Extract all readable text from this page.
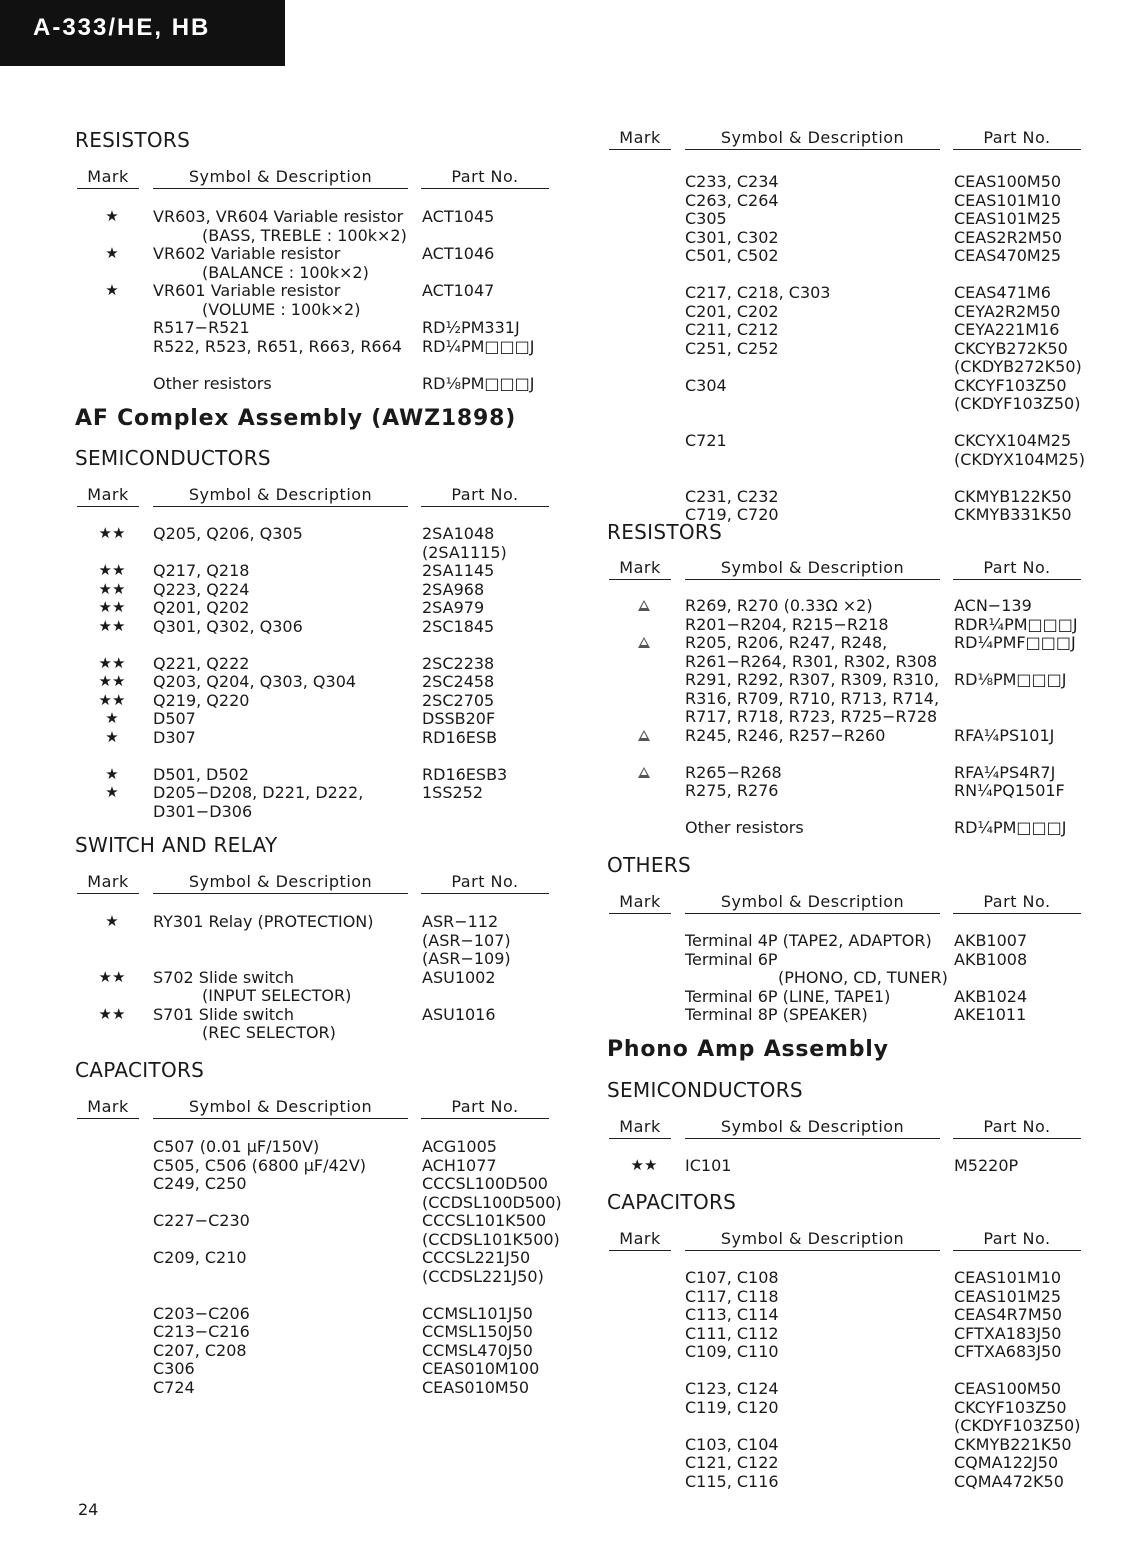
A-333/HE, HB
RESISTORS
Mark	Symbol & Description	Part No.
★	VR603, VR604 Variable resistor ACT1045
(BASS, TREBLE : 100k×2)
★	VR602 Variable resistor	ACT1046
(BALANCE : 100k×2)
★	VR601 Variable resistor	ACT1047
(VOLUME : 100k×2)
R517−R521	RD½PM331J
R522, R523, R651, R663, R664 RD¼PM□□□J
Other resistors	RD⅛PM□□□J
AF Complex Assembly (AWZ1898)
SEMICONDUCTORS
Mark	Symbol & Description	Part No.
★★	Q205, Q206, Q305	2SA1048
(2SA1115)
★★	Q217, Q218	2SA1145
★★	Q223, Q224	2SA968
★★	Q201, Q202	2SA979
★★	Q301, Q302, Q306	2SC1845
★★	Q221, Q222	2SC2238
★★	Q203, Q204, Q303, Q304	2SC2458
★★	Q219, Q220	2SC2705
★	D507	DSSB20F
★	D307	RD16ESB
★	D501, D502	RD16ESB3
★	D205−D208, D221, D222,	1SS252
D301−D306
SWITCH AND RELAY
Mark	Symbol & Description	Part No.
★	RY301 Relay (PROTECTION)	ASR−112
(ASR−107)
(ASR−109)
★★	S702 Slide switch	ASU1002
(INPUT SELECTOR)
★★	S701 Slide switch	ASU1016
(REC SELECTOR)
CAPACITORS
Mark	Symbol & Description	Part No.
C507 (0.01 μF/150V)	ACG1005
C505, C506 (6800 μF/42V)	ACH1077
C249, C250	CCCSL100D500
(CCDSL100D500)
C227−C230	CCCSL101K500
(CCDSL101K500)
C209, C210	CCCSL221J50
(CCDSL221J50)
C203−C206	CCMSL101J50
C213−C216	CCMSL150J50
C207, C208	CCMSL470J50
C306	CEAS010M100
C724	CEAS010M50
Mark	Symbol & Description	Part No.
C233, C234	CEAS100M50
C263, C264	CEAS101M10
C305	CEAS101M25
C301, C302	CEAS2R2M50
C501, C502	CEAS470M25
C217, C218, C303	CEAS471M6
C201, C202	CEYA2R2M50
C211, C212	CEYA221M16
C251, C252	CKCYB272K50
(CKDYB272K50)
C304	CKCYF103Z50
(CKDYF103Z50)
C721	CKCYX104M25
(CKDYX104M25)
C231, C232	CKMYB122K50
C719, C720	CKMYB331K50
RESISTORS
Mark	Symbol & Description	Part No.
R269, R270 (0.33Ω ×2)	ACN−139
R201−R204, R215−R218	RDR¼PM□□□J
R205, R206, R247, R248,	RD¼PMF□□□J
R261−R264, R301, R302, R308
R291, R292, R307, R309, R310, RD⅛PM□□□J
R316, R709, R710, R713, R714,
R717, R718, R723, R725−R728
R245, R246, R257−R260	RFA¼PS101J
R265−R268	RFA¼PS4R7J
R275, R276	RN¼PQ1501F
Other resistors	RD¼PM□□□J
OTHERS
Mark	Symbol & Description	Part No.
Terminal 4P (TAPE2, ADAPTOR) AKB1007
Terminal 6P	AKB1008
(PHONO, CD, TUNER)
Terminal 6P (LINE, TAPE1)	AKB1024
Terminal 8P (SPEAKER)	AKE1011
Phono Amp Assembly
SEMICONDUCTORS
Mark	Symbol & Description	Part No.
★★	IC101	M5220P
CAPACITORS
Mark	Symbol & Description	Part No.
C107, C108	CEAS101M10
C117, C118	CEAS101M25
C113, C114	CEAS4R7M50
C111, C112	CFTXA183J50
C109, C110	CFTXA683J50
C123, C124	CEAS100M50
C119, C120	CKCYF103Z50
(CKDYF103Z50)
C103, C104	CKMYB221K50
C121, C122	CQMA122J50
C115, C116	CQMA472K50
24
